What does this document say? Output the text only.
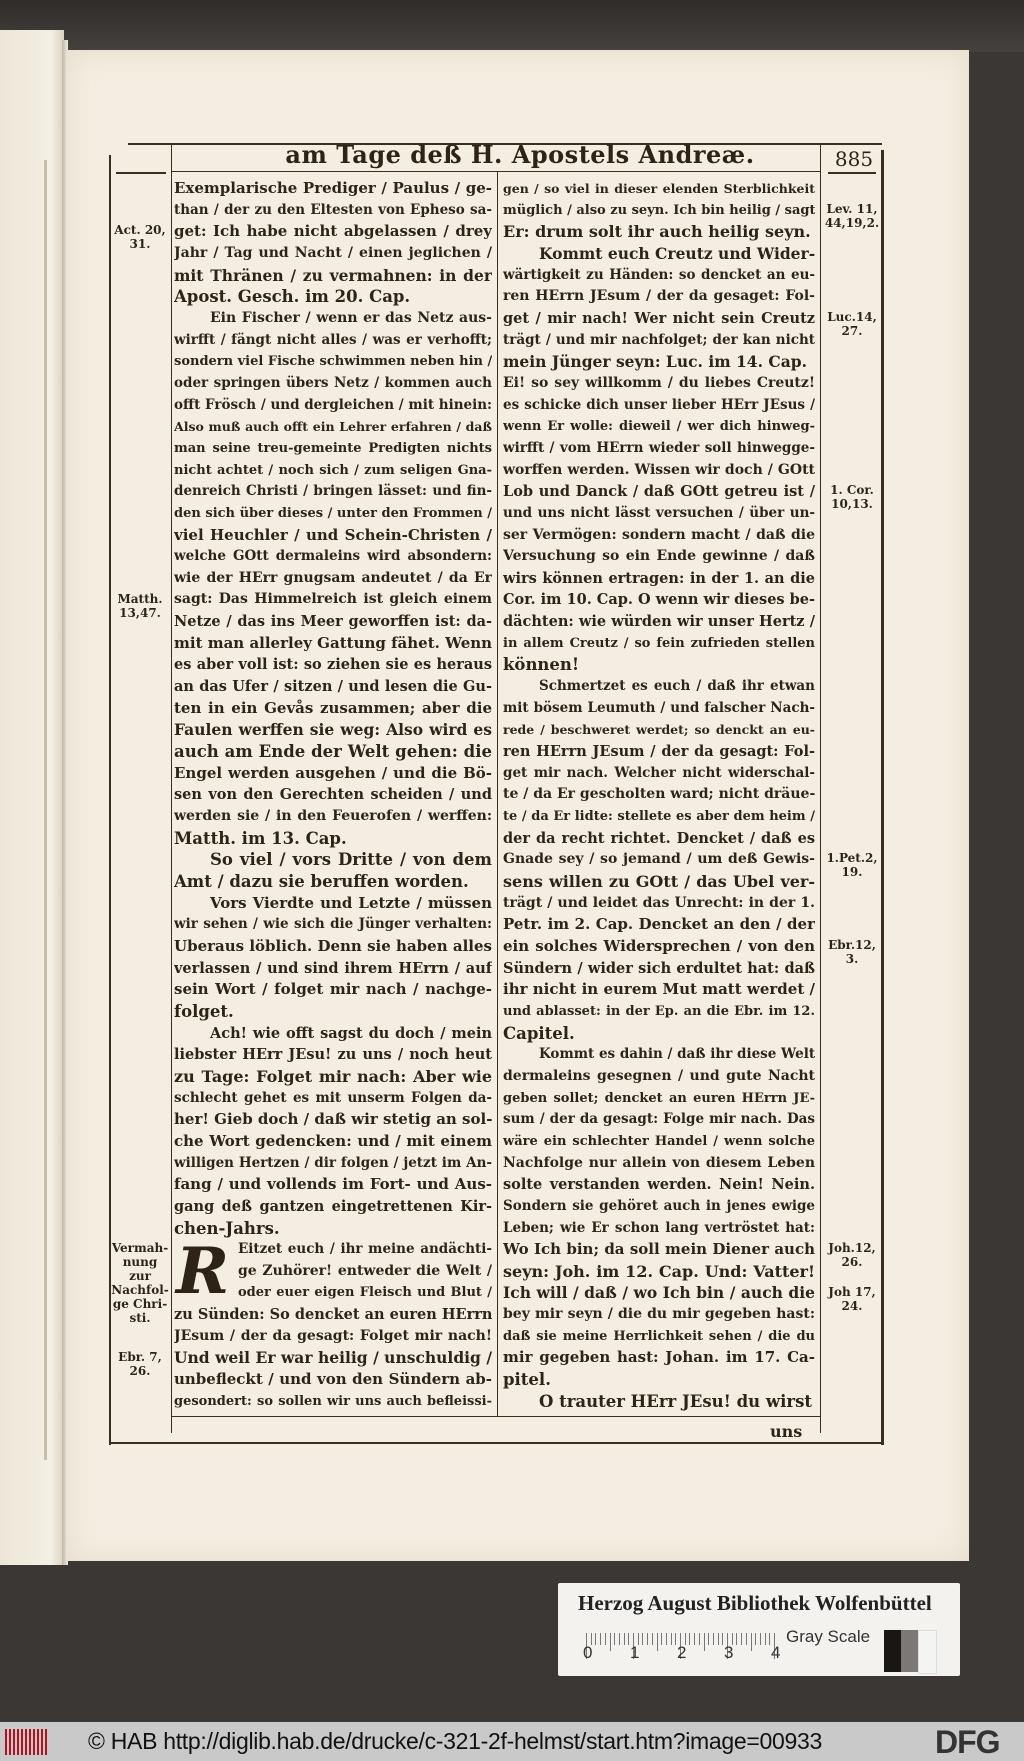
am Tage deß H. Apostels Andreæ.	885
Exemplarische Prediger / Paulus / ge-
than / der zu den Eltesten von Epheso sa-
get: Ich habe nicht abgelassen / drey
Jahr / Tag und Nacht / einen jeglichen /
mit Thränen / zu vermahnen: in der
Apost. Gesch. im 20. Cap.
Ein Fischer / wenn er das Netz aus-
wirfft / fängt nicht alles / was er verhofft;
sondern viel Fische schwimmen neben hin /
oder springen übers Netz / kommen auch
offt Frösch / und dergleichen / mit hinein:
Also muß auch offt ein Lehrer erfahren / daß
man seine treu-gemeinte Predigten nichts
nicht achtet / noch sich / zum seligen Gna-
denreich Christi / bringen lässet: und fin-
den sich über dieses / unter den Frommen /
viel Heuchler / und Schein-Christen /
welche GOtt dermaleins wird absondern:
wie der HErr gnugsam andeutet / da Er
sagt: Das Himmelreich ist gleich einem
Netze / das ins Meer geworffen ist: da-
mit man allerley Gattung fähet. Wenn
es aber voll ist: so ziehen sie es heraus
an das Ufer / sitzen / und lesen die Gu-
ten in ein Gevås zusammen; aber die
Faulen werffen sie weg: Also wird es
auch am Ende der Welt gehen: die
Engel werden ausgehen / und die Bö-
sen von den Gerechten scheiden / und
werden sie / in den Feuerofen / werffen:
Matth. im 13. Cap.
So viel / vors Dritte / von dem
Amt / dazu sie beruffen worden.
Vors Vierdte und Letzte / müssen
wir sehen / wie sich die Jünger verhalten:
Uberaus löblich. Denn sie haben alles
verlassen / und sind ihrem HErrn / auf
sein Wort / folget mir nach / nachge-
folget.
Ach! wie offt sagst du doch / mein
liebster HErr JEsu! zu uns / noch heut
zu Tage: Folget mir nach: Aber wie
schlecht gehet es mit unserm Folgen da-
her! Gieb doch / daß wir stetig an sol-
che Wort gedencken: und / mit einem
willigen Hertzen / dir folgen / jetzt im An-
fang / und vollends im Fort- und Aus-
gang deß gantzen eingetrettenen Kir-
chen-Jahrs.
Eitzet euch / ihr meine andächti-
ge Zuhörer! entweder die Welt /
oder euer eigen Fleisch und Blut /
zu Sünden: So dencket an euren HErrn
JEsum / der da gesagt: Folget mir nach!
Und weil Er war heilig / unschuldig /
unbefleckt / und von den Sündern ab-
gesondert: so sollen wir uns auch befleissi-
R
gen / so viel in dieser elenden Sterblichkeit
müglich / also zu seyn. Ich bin heilig / sagt
Er: drum solt ihr auch heilig seyn.
Kommt euch Creutz und Wider-
wärtigkeit zu Händen: so dencket an eu-
ren HErrn JEsum / der da gesaget: Fol-
get / mir nach! Wer nicht sein Creutz
trägt / und mir nachfolget; der kan nicht
mein Jünger seyn: Luc. im 14. Cap.
Ei! so sey willkomm / du liebes Creutz!
es schicke dich unser lieber HErr JEsus /
wenn Er wolle: dieweil / wer dich hinweg-
wirfft / vom HErrn wieder soll hinwegge-
worffen werden. Wissen wir doch / GOtt
Lob und Danck / daß GOtt getreu ist /
und uns nicht lässt versuchen / über un-
ser Vermögen: sondern macht / daß die
Versuchung so ein Ende gewinne / daß
wirs können ertragen: in der 1. an die
Cor. im 10. Cap. O wenn wir dieses be-
dächten: wie würden wir unser Hertz /
in allem Creutz / so fein zufrieden stellen
können!
Schmertzet es euch / daß ihr etwan
mit bösem Leumuth / und falscher Nach-
rede / beschweret werdet; so denckt an eu-
ren HErrn JEsum / der da gesagt: Fol-
get mir nach. Welcher nicht widerschal-
te / da Er gescholten ward; nicht dräue-
te / da Er lidte: stellete es aber dem heim /
der da recht richtet. Dencket / daß es
Gnade sey / so jemand / um deß Gewis-
sens willen zu GOtt / das Ubel ver-
trägt / und leidet das Unrecht: in der 1.
Petr. im 2. Cap. Dencket an den / der
ein solches Widersprechen / von den
Sündern / wider sich erdultet hat: daß
ihr nicht in eurem Mut matt werdet /
und ablasset: in der Ep. an die Ebr. im 12.
Capitel.
Kommt es dahin / daß ihr diese Welt
dermaleins gesegnen / und gute Nacht
geben sollet; dencket an euren HErrn JE-
sum / der da gesagt: Folge mir nach. Das
wäre ein schlechter Handel / wenn solche
Nachfolge nur allein von diesem Leben
solte verstanden werden. Nein! Nein.
Sondern sie gehöret auch in jenes ewige
Leben; wie Er schon lang vertröstet hat:
Wo Ich bin; da soll mein Diener auch
seyn: Joh. im 12. Cap. Und: Vatter!
Ich will / daß / wo Ich bin / auch die
bey mir seyn / die du mir gegeben hast:
daß sie meine Herrlichkeit sehen / die du
mir gegeben hast: Johan. im 17. Ca-
pitel.
O trauter HErr JEsu! du wirst
Act. 20,
31.
Matth.
13,47.
Vermah-
nung zur
Nachfol-
ge Chri-
sti.
Ebr. 7,
26.
Lev. 11,
44,19,2.
Luc.14,
27.
1. Cor.
10,13.
1.Pet.2,
19.
Ebr.12,
3.
Joh.12,
26.
Joh 17,
24.
uns
Herzog August Bibliothek Wolfenbüttel
0 1 2 3 4
Gray Scale
© HAB http://diglib.hab.de/drucke/c-321-2f-helmst/start.htm?image=00933	DFG
